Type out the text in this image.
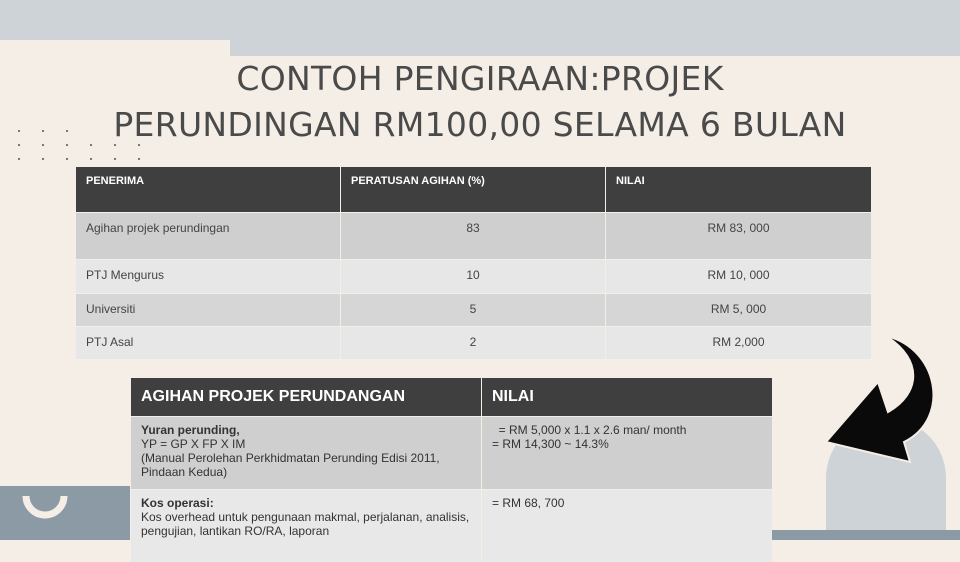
CONTOH PENGIRAAN:PROJEK
PERUNDINGAN RM100,00 SELAMA 6 BULAN
PENERIMA	PERATUSAN AGIHAN (%)	NILAI
Agihan projek perundingan	83	RM 83, 000
PTJ Mengurus	10	RM 10, 000
Universiti	5	RM 5, 000
PTJ Asal	2	RM 2,000
AGIHAN PROJEK PERUNDANGAN	NILAI

Yuran perunding,
YP = GP X FP X IM
(Manual Perolehan Perkhidmatan Perunding Edisi 2011, Pindaan Kedua)	= RM 5,000 x 1.1 x 2.6 man/ month
= RM 14,300 ~ 14.3%

Kos operasi:
Kos overhead untuk pengunaan makmal, perjalanan, analisis, pengujian, lantikan RO/RA, laporan	= RM 68, 700
